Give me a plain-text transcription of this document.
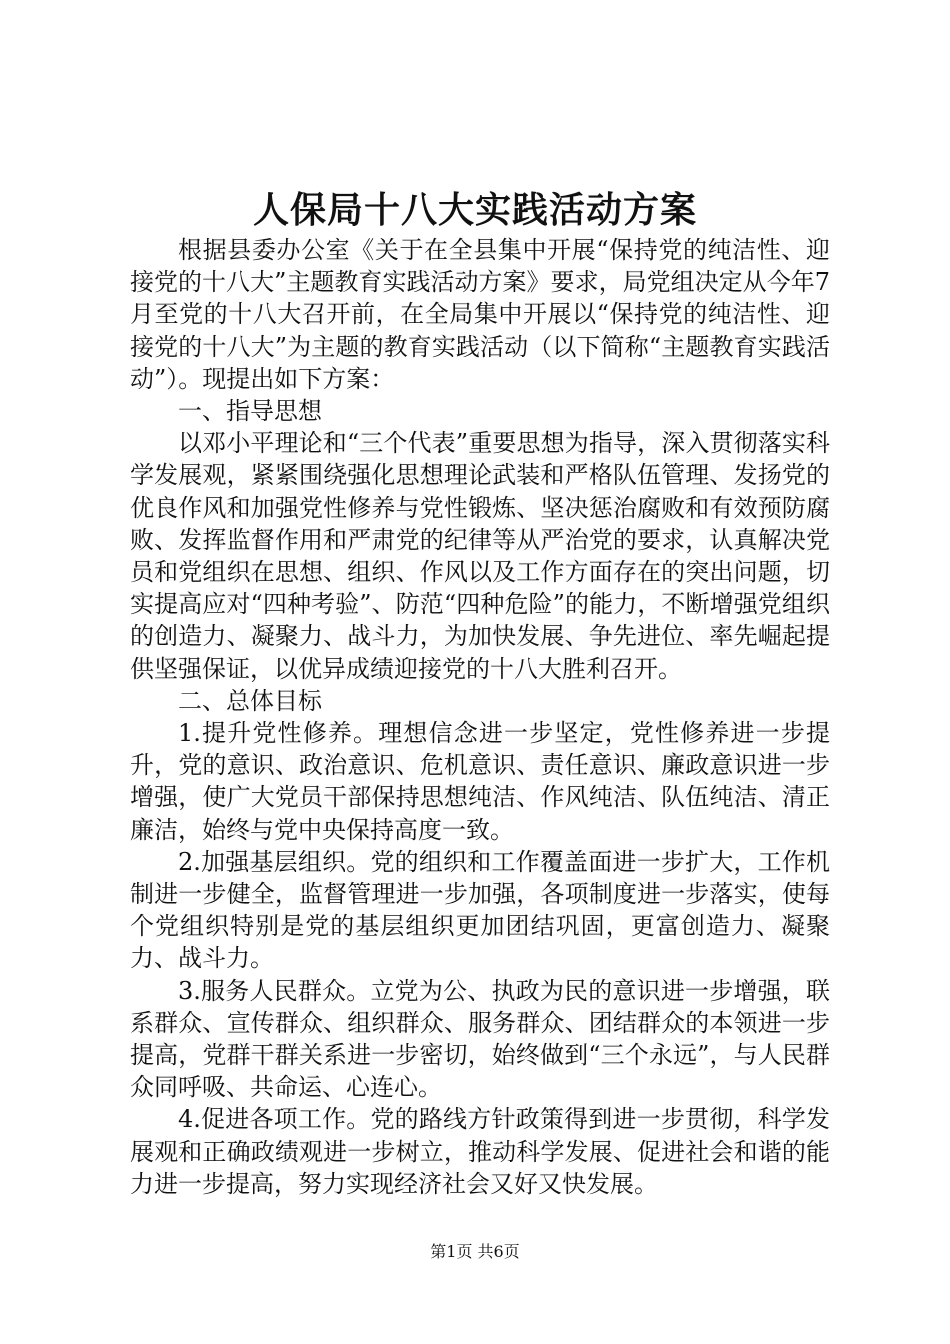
人保局十八大实践活动方案

根据县委办公室《关于在全县集中开展“保持党的纯洁性、迎接党的十八大”主题教育实践活动方案》要求，局党组决定从今年7月至党的十八大召开前，在全局集中开展以“保持党的纯洁性、迎接党的十八大”为主题的教育实践活动（以下简称“主题教育实践活动”）。现提出如下方案：

一、指导思想

以邓小平理论和“三个代表”重要思想为指导，深入贯彻落实科学发展观，紧紧围绕强化思想理论武装和严格队伍管理、发扬党的优良作风和加强党性修养与党性锻炼、坚决惩治腐败和有效预防腐败、发挥监督作用和严肃党的纪律等从严治党的要求，认真解决党员和党组织在思想、组织、作风以及工作方面存在的突出问题，切实提高应对“四种考验”、防范“四种危险”的能力，不断增强党组织的创造力、凝聚力、战斗力，为加快发展、争先进位、率先崛起提供坚强保证，以优异成绩迎接党的十八大胜利召开。

二、总体目标

1.提升党性修养。理想信念进一步坚定，党性修养进一步提升，党的意识、政治意识、危机意识、责任意识、廉政意识进一步增强，使广大党员干部保持思想纯洁、作风纯洁、队伍纯洁、清正廉洁，始终与党中央保持高度一致。

2.加强基层组织。党的组织和工作覆盖面进一步扩大，工作机制进一步健全，监督管理进一步加强，各项制度进一步落实，使每个党组织特别是党的基层组织更加团结巩固，更富创造力、凝聚力、战斗力。

3.服务人民群众。立党为公、执政为民的意识进一步增强，联系群众、宣传群众、组织群众、服务群众、团结群众的本领进一步提高，党群干群关系进一步密切，始终做到“三个永远”，与人民群众同呼吸、共命运、心连心。

4.促进各项工作。党的路线方针政策得到进一步贯彻，科学发展观和正确政绩观进一步树立，推动科学发展、促进社会和谐的能力进一步提高，努力实现经济社会又好又快发展。

第1页 共6页
